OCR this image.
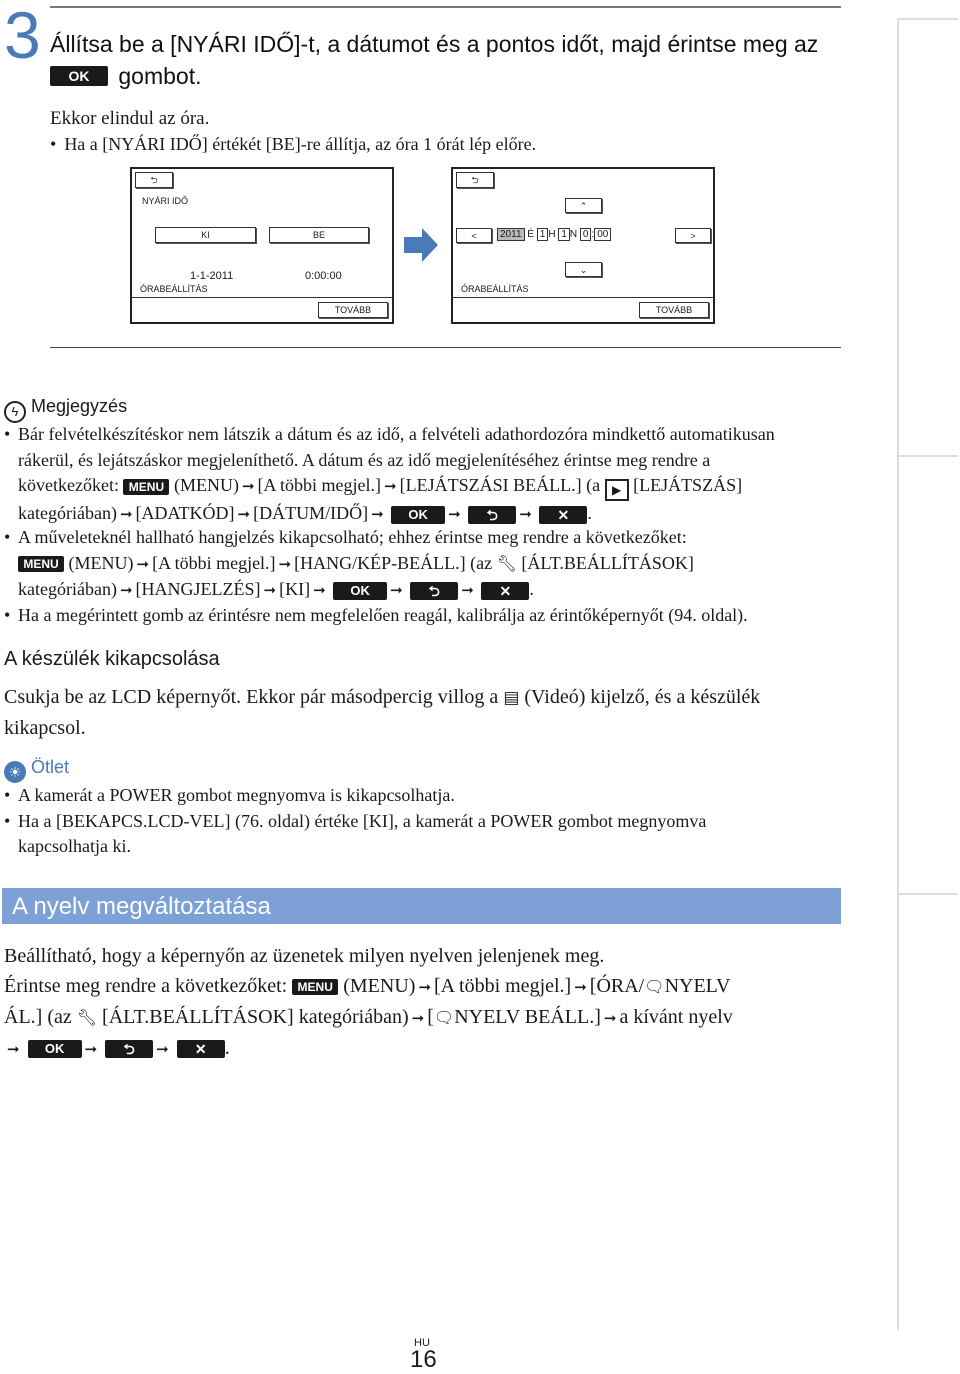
3 Állítsa be a [NYÁRI IDŐ]-t, a dátumot és a pontos időt, majd érintse meg az
OK gombot.
Ekkor elindul az óra.
• Ha a [NYÁRI IDŐ] értékét [BE]-re állítja, az óra 1 órát lép előre.
⮌
NYÁRI IDŐ
KI	BE
1-1-2011	0:00:00
ÓRABEÁLLÍTÁS
TOVÁBB
⮌
⌃
<	2011 É 1 H 1 N 0 : 00	>
⌄
ÓRABEÁLLÍTÁS
TOVÁBB
ϟ Megjegyzés
• Bár felvételkészítéskor nem látszik a dátum és az idő, a felvételi adathordozóra mindkettő automatikusan
rákerül, és lejátszáskor megjeleníthető. A dátum és az idő megjelenítéséhez érintse meg rendre a
következőket: MENU (MENU) ➞ [A többi megjel.] ➞ [LEJÁTSZÁSI BEÁLL.] (a ▶ [LEJÁTSZÁS]
kategóriában) ➞ [ADATKÓD] ➞ [DÁTUM/IDŐ] ➞ OK ➞ ⮌ ➞ ✕ .
• A műveleteknél hallható hangjelzés kikapcsolható; ehhez érintse meg rendre a következőket:
MENU (MENU) ➞ [A többi megjel.] ➞ [HANG/KÉP-BEÁLL.] (az 🔧︎ [ÁLT.BEÁLLÍTÁSOK]
kategóriában) ➞ [HANGJELZÉS] ➞ [KI] ➞ OK ➞ ⮌ ➞ ✕ .
• Ha a megérintett gomb az érintésre nem megfelelően reagál, kalibrálja az érintőképernyőt (94. oldal).
A készülék kikapcsolása
Csukja be az LCD képernyőt. Ekkor pár másodpercig villog a ▤ (Videó) kijelző, és a készülék
kikapcsol.
☀ Ötlet
• A kamerát a POWER gombot megnyomva is kikapcsolhatja.
• Ha a [BEKAPCS.LCD-VEL] (76. oldal) értéke [KI], a kamerát a POWER gombot megnyomva
kapcsolhatja ki.
A nyelv megváltoztatása
Beállítható, hogy a képernyőn az üzenetek milyen nyelven jelenjenek meg.
Érintse meg rendre a következőket: MENU (MENU) ➞ [A többi megjel.] ➞ [ÓRA/🗨︎NYELV
ÁL.] (az 🔧︎ [ÁLT.BEÁLLÍTÁSOK] kategóriában) ➞ [🗨︎NYELV BEÁLL.] ➞ a kívánt nyelv
➞ OK ➞ ⮌ ➞ ✕ .
HU
16
